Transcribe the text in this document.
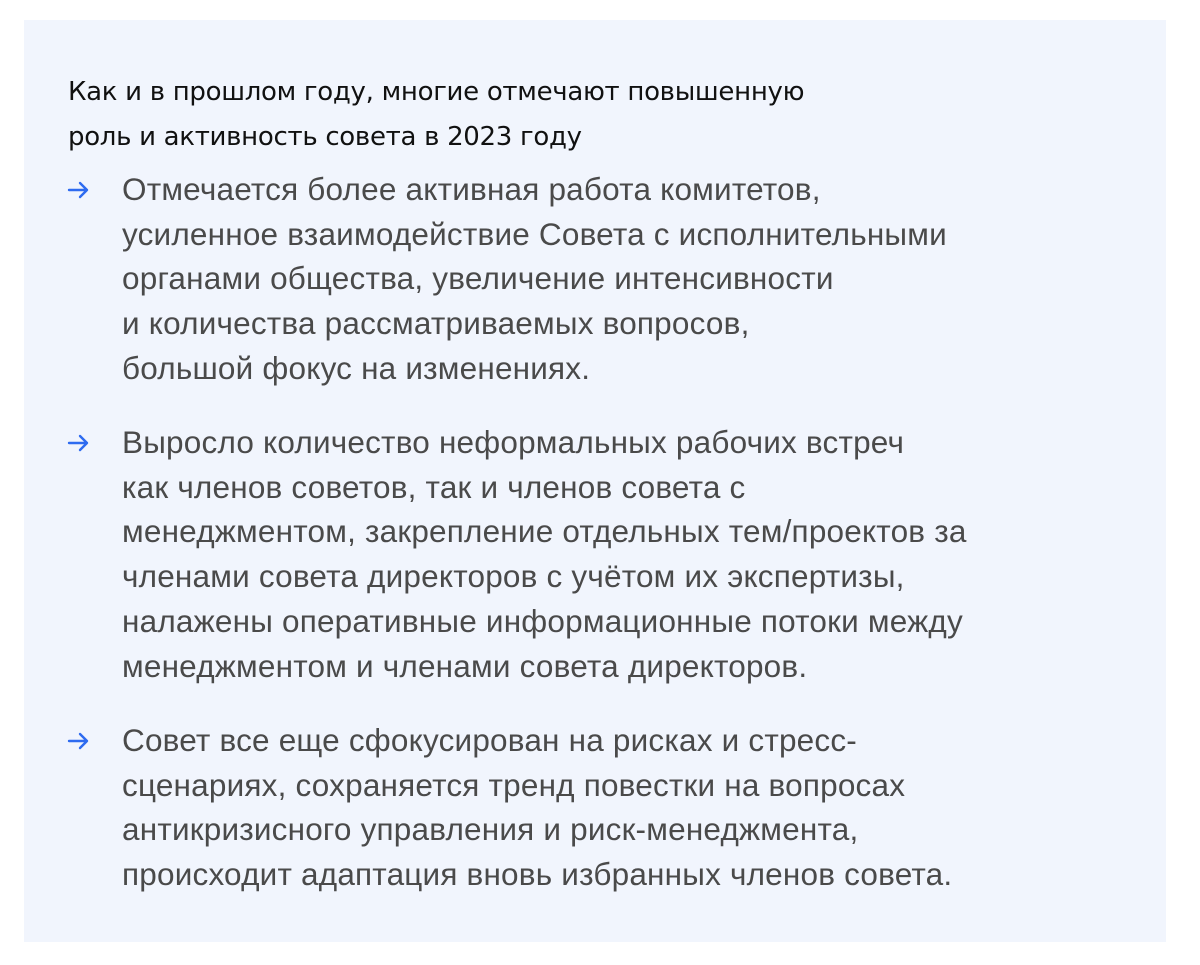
Как и в прошлом году, многие отмечают повышенную
роль и активность совета в 2023 году
Отмечается более активная работа комитетов,
усиленное взаимодействие Совета с исполнительными
органами общества, увеличение интенсивности
и количества рассматриваемых вопросов,
большой фокус на изменениях.
Выросло количество неформальных рабочих встреч
как членов советов, так и членов совета с
менеджментом, закрепление отдельных тем/проектов за
членами совета директоров с учётом их экспертизы,
налажены оперативные информационные потоки между
менеджментом и членами совета директоров.
Совет все еще сфокусирован на рисках и стресс-
сценариях, сохраняется тренд повестки на вопросах
антикризисного управления и риск-менеджмента,
происходит адаптация вновь избранных членов совета.
